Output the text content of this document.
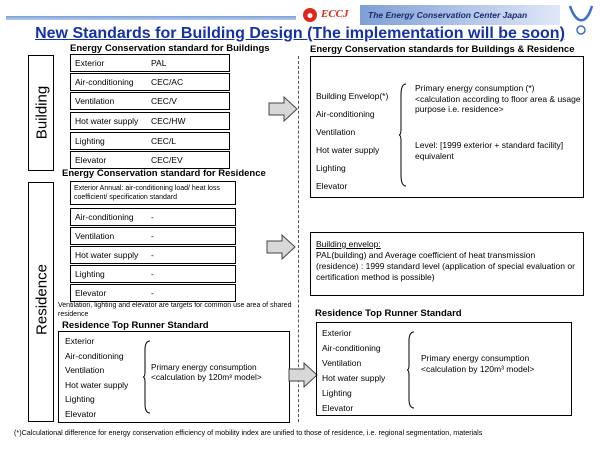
ECCJ	The Energy Conservation Center Japan
New Standards for Building Design (The implementation will be soon)
Energy Conservation standard for Buildings
Building
Exterior	PAL
Air-conditioning CEC/AC
Ventilation	CEC/V
Hot water supply CEC/HW
Lighting	CEC/L
Elevator	CEC/EV
Energy Conservation standard for Residence
Residence
Exterior Annual: air-conditioning load/ heat loss coefficient/ specification standard
Air-conditioning -
Ventilation	-
Hot water supply -
Lighting	-
Elevator	-
Ventilation, lighting and elevator are targets for common use area of shared residence
Residence Top Runner Standard
Exterior
Air-conditioning
Ventilation
Hot water supply
Lighting
Elevator
Primary energy consumption
<calculation by 120m³ model>
Energy Conservation standards for Buildings & Residence
Building Envelop(*)
Air-conditioning
Ventilation
Hot water supply
Lighting
Elevator
Primary energy consumption (*) <calculation according to floor area & usage purpose i.e. residence>
Level: [1999 exterior + standard facility] equivalent
Building envelop:
PAL(building) and Average coefficient of heat transmission (residence) : 1999 standard level (application of special evaluation or certification method is possible)
Residence Top Runner Standard
Exterior
Air-conditioning
Ventilation
Hot water supply
Lighting
Elevator
Primary energy consumption
<calculation by 120m³ model>
(*)Calculational difference for energy conservation efficiency of mobility index are unified to those of residence, i.e. regional segmentation, materials
